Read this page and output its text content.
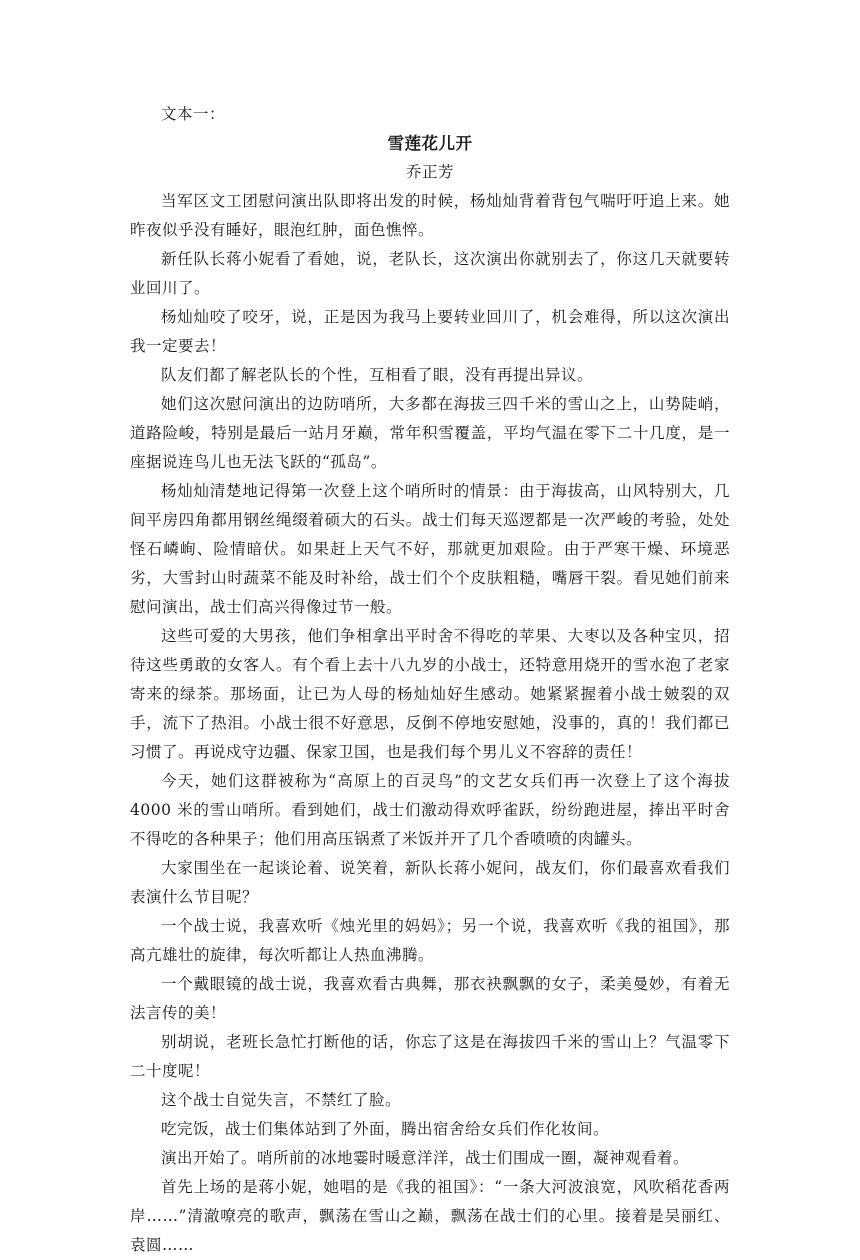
文本一：
雪莲花儿开
乔正芳

当军区文工团慰问演出队即将出发的时候，杨灿灿背着背包气喘吁吁追上来。她昨夜似乎没有睡好，眼泡红肿，面色憔悴。

新任队长蒋小妮看了看她，说，老队长，这次演出你就别去了，你这几天就要转业回川了。

杨灿灿咬了咬牙，说，正是因为我马上要转业回川了，机会难得，所以这次演出我一定要去！

队友们都了解老队长的个性，互相看了眼，没有再提出异议。

她们这次慰问演出的边防哨所，大多都在海拔三四千米的雪山之上，山势陡峭，道路险峻，特别是最后一站月牙巅，常年积雪覆盖，平均气温在零下二十几度，是一座据说连鸟儿也无法飞跃的“孤岛”。

杨灿灿清楚地记得第一次登上这个哨所时的情景：由于海拔高，山风特别大，几间平房四角都用钢丝绳缀着硕大的石头。战士们每天巡逻都是一次严峻的考验，处处怪石嶙峋、险情暗伏。如果赶上天气不好，那就更加艰险。由于严寒干燥、环境恶劣，大雪封山时蔬菜不能及时补给，战士们个个皮肤粗糙，嘴唇干裂。看见她们前来慰问演出，战士们高兴得像过节一般。

这些可爱的大男孩，他们争相拿出平时舍不得吃的苹果、大枣以及各种宝贝，招待这些勇敢的女客人。有个看上去十八九岁的小战士，还特意用烧开的雪水泡了老家寄来的绿茶。那场面，让已为人母的杨灿灿好生感动。她紧紧握着小战士皴裂的双手，流下了热泪。小战士很不好意思，反倒不停地安慰她，没事的，真的！我们都已习惯了。再说戍守边疆、保家卫国，也是我们每个男儿义不容辞的责任！

今天，她们这群被称为“高原上的百灵鸟”的文艺女兵们再一次登上了这个海拔 4000 米的雪山哨所。看到她们，战士们激动得欢呼雀跃，纷纷跑进屋，捧出平时舍不得吃的各种果子；他们用高压锅煮了米饭并开了几个香喷喷的肉罐头。

大家围坐在一起谈论着、说笑着，新队长蒋小妮问，战友们，你们最喜欢看我们表演什么节目呢？

一个战士说，我喜欢听《烛光里的妈妈》；另一个说，我喜欢听《我的祖国》，那高亢雄壮的旋律，每次听都让人热血沸腾。

一个戴眼镜的战士说，我喜欢看古典舞，那衣袂飘飘的女子，柔美曼妙，有着无法言传的美！

别胡说，老班长急忙打断他的话，你忘了这是在海拔四千米的雪山上？气温零下二十度呢！

这个战士自觉失言，不禁红了脸。

吃完饭，战士们集体站到了外面，腾出宿舍给女兵们作化妆间。

演出开始了。哨所前的冰地霎时暖意洋洋，战士们围成一圈，凝神观看着。

首先上场的是蒋小妮，她唱的是《我的祖国》：“一条大河波浪宽，风吹稻花香两岸……”清澈嘹亮的歌声，飘荡在雪山之巅，飘荡在战士们的心里。接着是吴丽红、袁圆……
